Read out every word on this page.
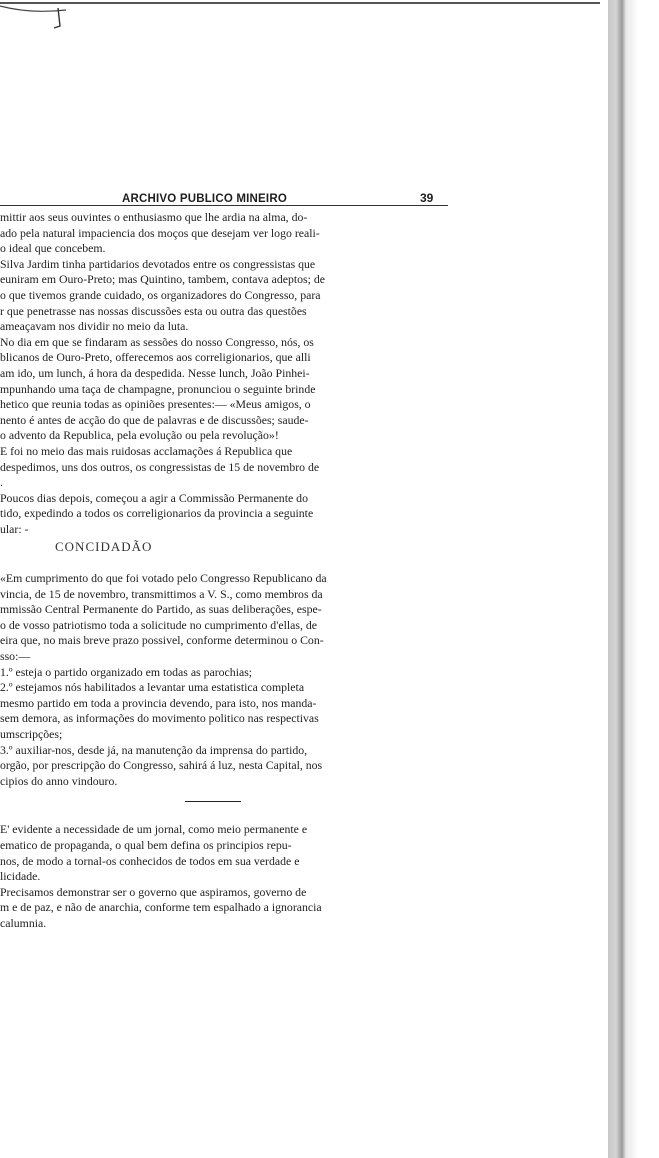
ARCHIVO PUBLICO MINEIRO	39
mittir aos seus ouvintes o enthusiasmo que lhe ardia na alma, do-
ado pela natural impaciencia dos moços que desejam ver logo reali-
o ideal que concebem.
Silva Jardim tinha partidarios devotados entre os congressistas que
euniram em Ouro-Preto; mas Quintino, tambem, contava adeptos; de
o que tivemos grande cuidado, os organizadores do Congresso, para
r que penetrasse nas nossas discussões esta ou outra das questões
ameaçavam nos dividir no meio da luta.
No dia em que se findaram as sessões do nosso Congresso, nós, os
blicanos de Ouro-Preto, offerecemos aos correligionarios, que alli
am ido, um lunch, á hora da despedida. Nesse lunch, João Pinhei-
mpunhando uma taça de champagne, pronunciou o seguinte brinde
hetico que reunia todas as opiniões presentes:— «Meus amigos, o
nento é antes de acção do que de palavras e de discussões; saude-
o advento da Republica, pela evolução ou pela revolução»!
E foi no meio das mais ruidosas acclamações á Republica que
despedimos, uns dos outros, os congressistas de 15 de novembro de
.
Poucos dias depois, começou a agir a Commissão Permanente do
tido, expedindo a todos os correligionarios da provincia a seguinte
ular: -
CONCIDADÃO
«Em cumprimento do que foi votado pelo Congresso Republicano da
vincia, de 15 de novembro, transmittimos a V. S., como membros da
mmissão Central Permanente do Partido, as suas deliberações, espe-
o de vosso patriotismo toda a solicitude no cumprimento d'ellas, de
eira que, no mais breve prazo possivel, conforme determinou o Con-
sso:—
1.º esteja o partido organizado em todas as parochias;
2.º estejamos nós habilitados a levantar uma estatistica completa
mesmo partido em toda a provincia devendo, para isto, nos manda-
sem demora, as informações do movimento politico nas respectivas
umscripções;
3.º auxiliar-nos, desde já, na manutenção da imprensa do partido,
orgão, por prescripção do Congresso, sahirá á luz, nesta Capital, nos
cipios do anno vindouro.
E' evidente a necessidade de um jornal, como meio permanente e
ematico de propaganda, o qual bem defina os principios repu-
nos, de modo a tornal-os conhecidos de todos em sua verdade e
licidade.
Precisamos demonstrar ser o governo que aspiramos, governo de
m e de paz, e não de anarchia, conforme tem espalhado a ignorancia
calumnia.
